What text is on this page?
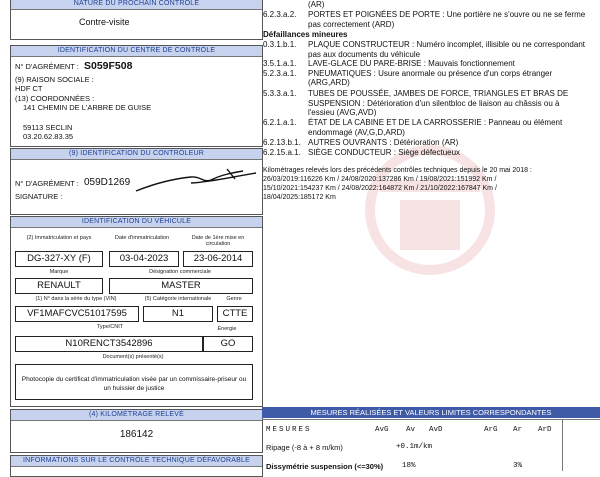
NATURE DU PROCHAIN CONTRÔLE
Contre-visite
IDENTIFICATION DU CENTRE DE CONTRÔLE
N° D'AGRÉMENT : S059F508
(9) RAISON SOCIALE :
HDF CT
(13) COORDONNÉES :
141 CHEMIN DE L'ARBRE DE GUISE
59113 SECLIN
03.20.62.83.35
(9) IDENTIFICATION DU CONTRÔLEUR
N° D'AGRÉMENT : 059D1269
SIGNATURE :
IDENTIFICATION DU VÉHICULE
(2) Immatriculation et pays	Date d'immatriculation	Date de 1ère mise en circulation
DG-327-XY (F)	03-04-2023	23-06-2014
Marque	Désignation commerciale
RENAULT	MASTER
(1) N° dans la série du type (VIN)	(5) Catégorie internationale	Genre
VF1MAFCVC51017595	N1	CTTE
Type/CNIT	Énergie
N10RENCT3542896	GO
Document(s) présenté(s)
Photocopie du certificat d'immatriculation visée par un commissaire-priseur ou un huissier de justice
(4) KILOMÉTRAGE RELEVÉ
186142
INFORMATIONS SUR LE CONTRÔLE TECHNIQUE DÉFAVORABLE
(AR)
6.2.3.a.2. PORTES ET POIGNÉES DE PORTE : Une portière ne s'ouvre ou ne se ferme
pas correctement (ARD)
Défaillances mineures
0.3.1.b.1. PLAQUE CONSTRUCTEUR : Numéro incomplet, illisible ou ne correspondant
pas aux documents du véhicule
3.5.1.a.1. LAVE-GLACE DU PARE-BRISE : Mauvais fonctionnement
5.2.3.a.1. PNEUMATIQUES : Usure anormale ou présence d'un corps étranger
(ARG,ARD)
5.3.3.a.1. TUBES DE POUSSÉE, JAMBES DE FORCE, TRIANGLES ET BRAS DE
SUSPENSION : Détérioration d'un silentbloc de liaison au châssis ou à
l'essieu (AVG,AVD)
6.2.1.a.1. ÉTAT DE LA CABINE ET DE LA CARROSSERIE : Panneau ou élément
endommagé (AV,G,D,ARD)
6.2.13.b.1. AUTRES OUVRANTS : Détérioration (AR)
6.2.15.a.1. SIÈGE CONDUCTEUR : Siège défectueux
Kilométrages relevés lors des précédents contrôles techniques depuis le 20 mai 2018 :
26/03/2019:116226 Km / 24/08/2020:137286 Km / 19/08/2021:151992 Km /
15/10/2021:154237 Km / 24/08/2022:164872 Km / 21/10/2022:167847 Km /
18/04/2025:185172 Km
MESURES RÉALISÉES ET VALEURS LIMITES CORRESPONDANTES
MESURES	AvG Av AvD	ArG Ar ArD
Ripage (-8 à + 8 m/km)	+0.1m/km
Dissymétrie suspension (<=30%)	18%	3%
